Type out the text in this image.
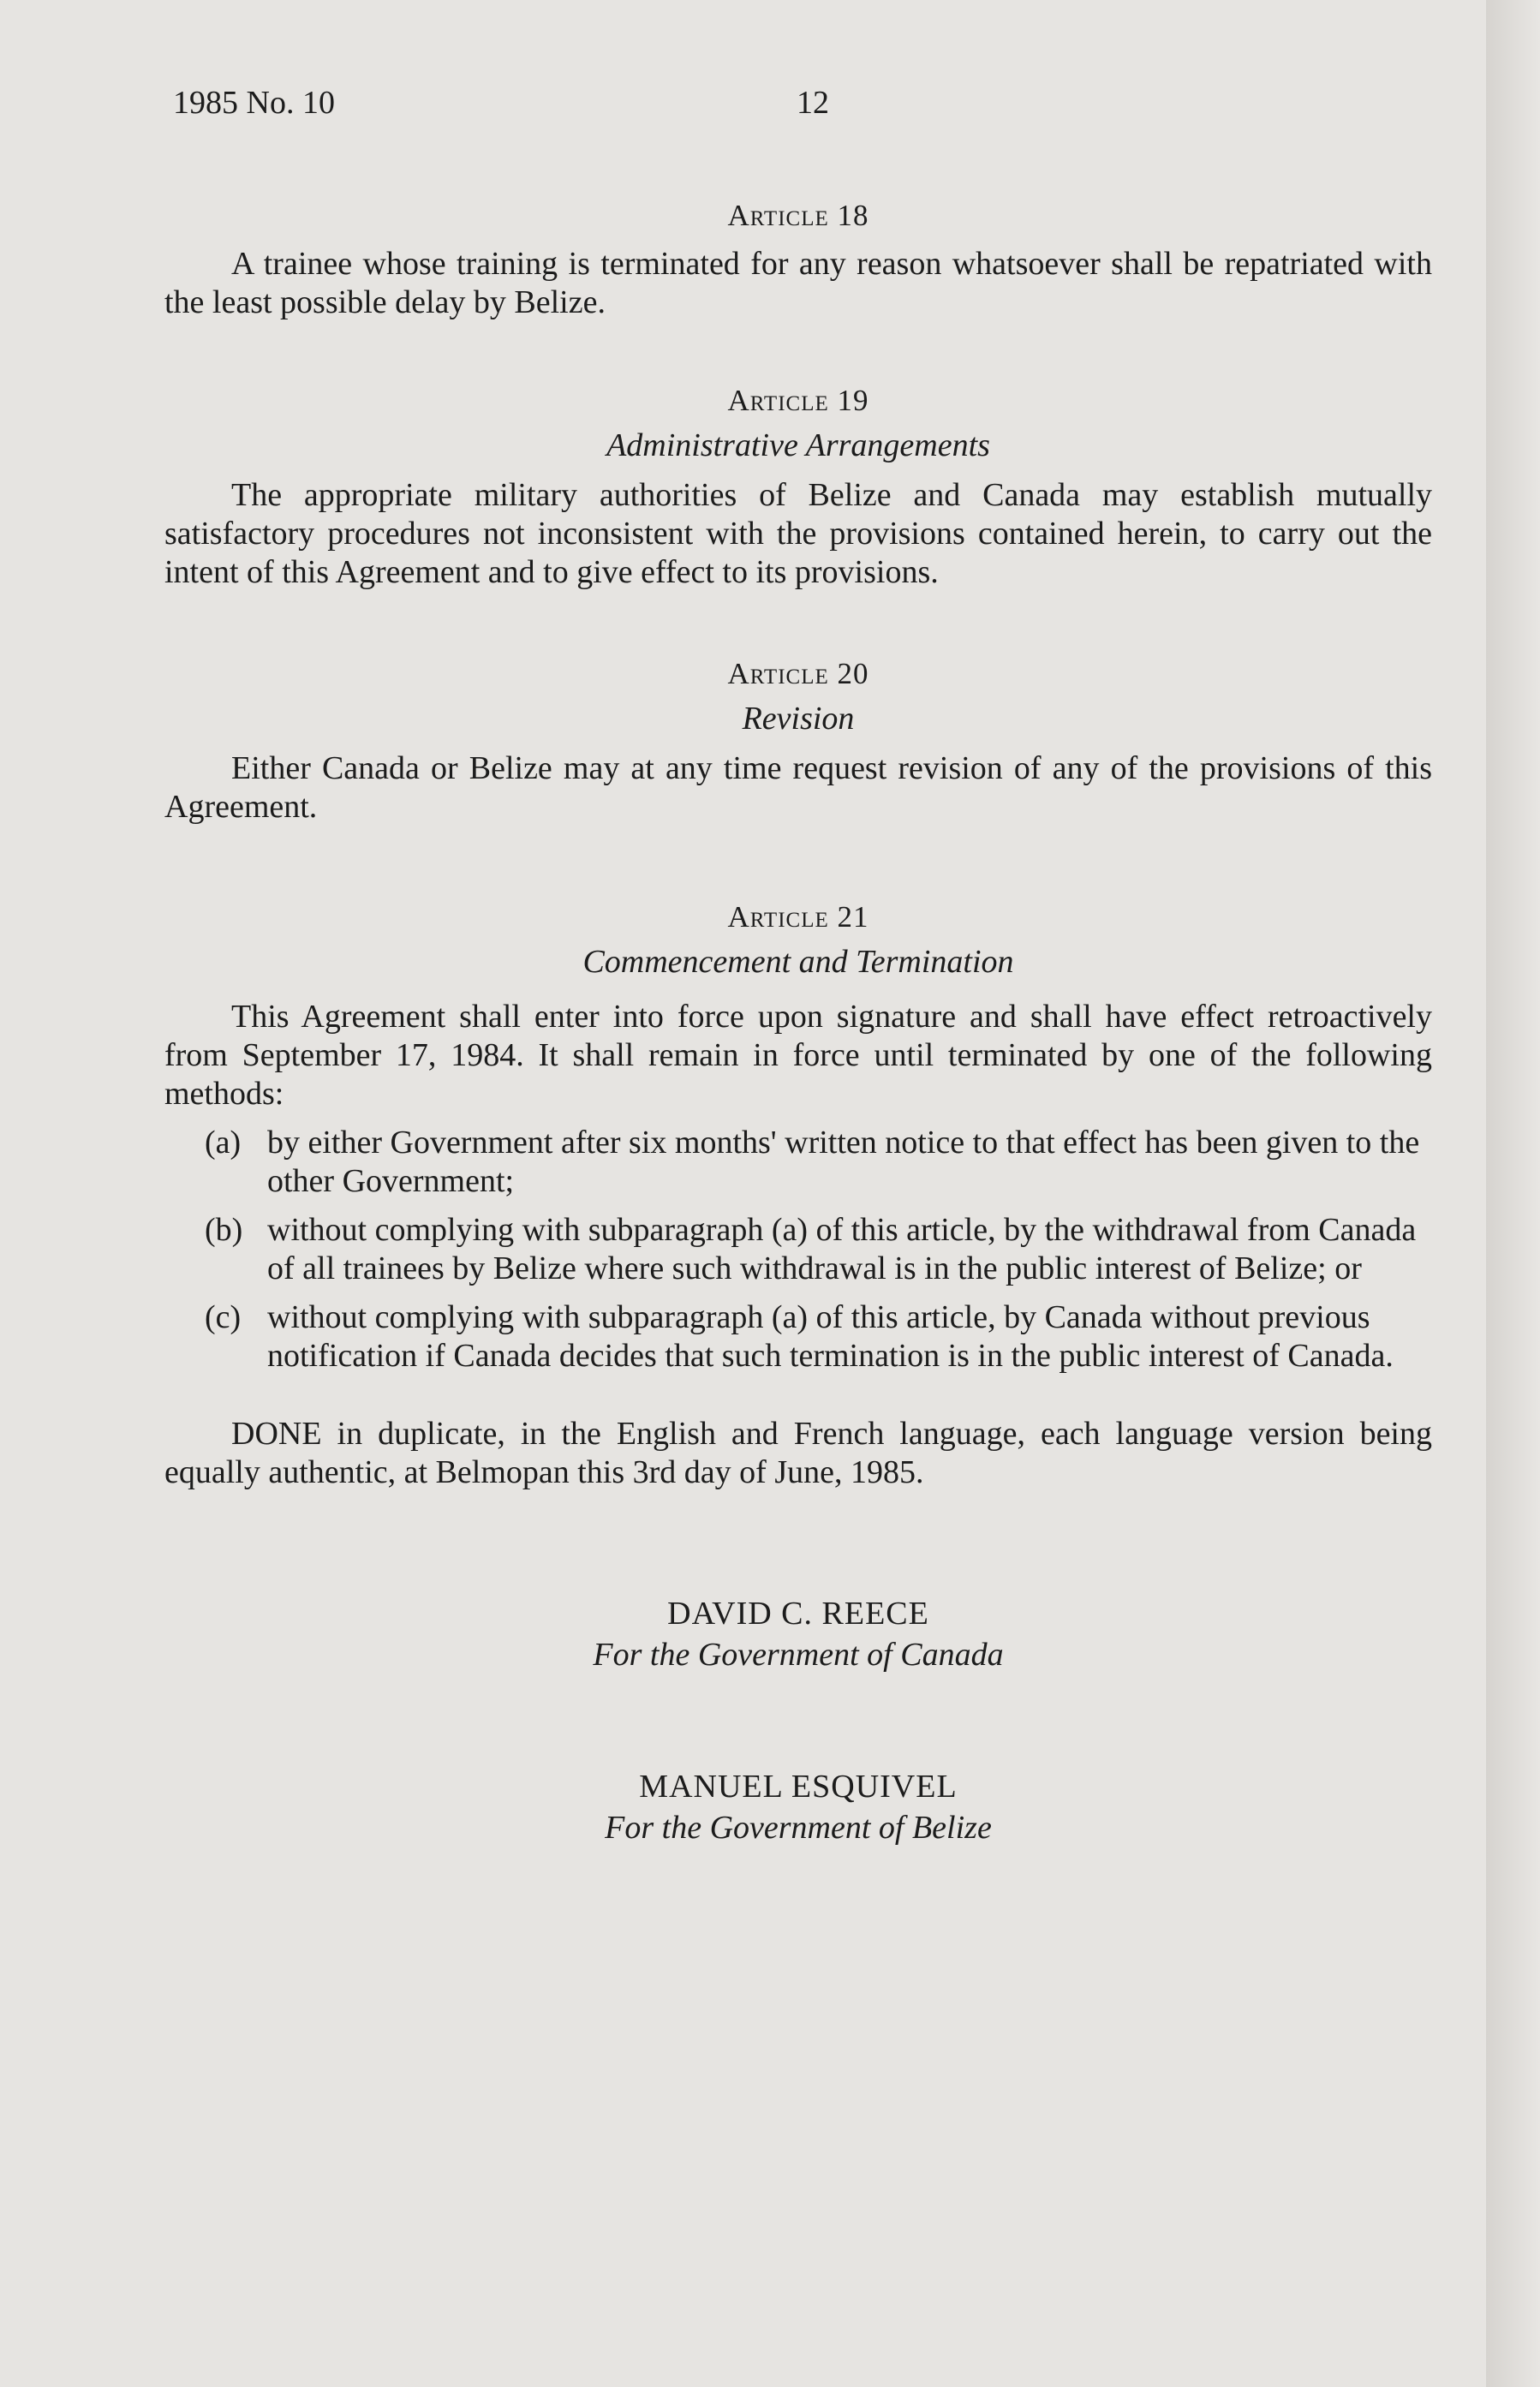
1985 No. 10	12
Article 18

A trainee whose training is terminated for any reason whatsoever shall be repatriated with the least possible delay by Belize.

Article 19
Administrative Arrangements

The appropriate military authorities of Belize and Canada may establish mutually satisfactory procedures not inconsistent with the provisions contained herein, to carry out the intent of this Agreement and to give effect to its provisions.

Article 20
Revision

Either Canada or Belize may at any time request revision of any of the provisions of this Agreement.

Article 21
Commencement and Termination

This Agreement shall enter into force upon signature and shall have effect retroactively from September 17, 1984. It shall remain in force until terminated by one of the following methods:

(a) by either Government after six months' written notice to that effect has been given to the other Government;
(b) without complying with subparagraph (a) of this article, by the withdrawal from Canada of all trainees by Belize where such withdrawal is in the public interest of Belize; or
(c) without complying with subparagraph (a) of this article, by Canada without previous notification if Canada decides that such termination is in the public interest of Canada.

DONE in duplicate, in the English and French language, each language version being equally authentic, at Belmopan this 3rd day of June, 1985.

DAVID C. REECE
For the Government of Canada
MANUEL ESQUIVEL
For the Government of Belize
